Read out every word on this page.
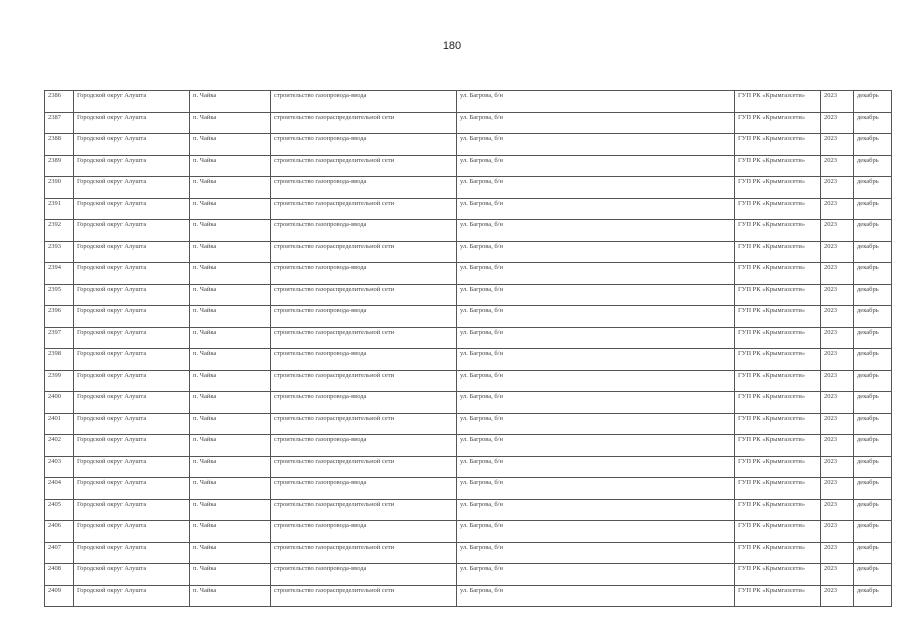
180
2386	Городской округ Алушта	п. Чайка	строительство газопровода-ввода	ул. Багрова, б/н	ГУП РК «Крымгазсети»	2023	декабрь
2387	Городской округ Алушта	п. Чайка	строительство газораспределительной сети	ул. Багрова, б/н	ГУП РК «Крымгазсети»	2023	декабрь
2388	Городской округ Алушта	п. Чайка	строительство газопровода-ввода	ул. Багрова, б/н	ГУП РК «Крымгазсети»	2023	декабрь
2389	Городской округ Алушта	п. Чайка	строительство газораспределительной сети	ул. Багрова, б/н	ГУП РК «Крымгазсети»	2023	декабрь
2390	Городской округ Алушта	п. Чайка	строительство газопровода-ввода	ул. Багрова, б/н	ГУП РК «Крымгазсети»	2023	декабрь
2391	Городской округ Алушта	п. Чайка	строительство газораспределительной сети	ул. Багрова, б/н	ГУП РК «Крымгазсети»	2023	декабрь
2392	Городской округ Алушта	п. Чайка	строительство газопровода-ввода	ул. Багрова, б/н	ГУП РК «Крымгазсети»	2023	декабрь
2393	Городской округ Алушта	п. Чайка	строительство газораспределительной сети	ул. Багрова, б/н	ГУП РК «Крымгазсети»	2023	декабрь
2394	Городской округ Алушта	п. Чайка	строительство газопровода-ввода	ул. Багрова, б/н	ГУП РК «Крымгазсети»	2023	декабрь
2395	Городской округ Алушта	п. Чайка	строительство газораспределительной сети	ул. Багрова, б/н	ГУП РК «Крымгазсети»	2023	декабрь
2396	Городской округ Алушта	п. Чайка	строительство газопровода-ввода	ул. Багрова, б/н	ГУП РК «Крымгазсети»	2023	декабрь
2397	Городской округ Алушта	п. Чайка	строительство газораспределительной сети	ул. Багрова, б/н	ГУП РК «Крымгазсети»	2023	декабрь
2398	Городской округ Алушта	п. Чайка	строительство газопровода-ввода	ул. Багрова, б/н	ГУП РК «Крымгазсети»	2023	декабрь
2399	Городской округ Алушта	п. Чайка	строительство газораспределительной сети	ул. Багрова, б/н	ГУП РК «Крымгазсети»	2023	декабрь
2400	Городской округ Алушта	п. Чайка	строительство газопровода-ввода	ул. Багрова, б/н	ГУП РК «Крымгазсети»	2023	декабрь
2401	Городской округ Алушта	п. Чайка	строительство газораспределительной сети	ул. Багрова, б/н	ГУП РК «Крымгазсети»	2023	декабрь
2402	Городской округ Алушта	п. Чайка	строительство газопровода-ввода	ул. Багрова, б/н	ГУП РК «Крымгазсети»	2023	декабрь
2403	Городской округ Алушта	п. Чайка	строительство газораспределительной сети	ул. Багрова, б/н	ГУП РК «Крымгазсети»	2023	декабрь
2404	Городской округ Алушта	п. Чайка	строительство газопровода-ввода	ул. Багрова, б/н	ГУП РК «Крымгазсети»	2023	декабрь
2405	Городской округ Алушта	п. Чайка	строительство газораспределительной сети	ул. Багрова, б/н	ГУП РК «Крымгазсети»	2023	декабрь
2406	Городской округ Алушта	п. Чайка	строительство газопровода-ввода	ул. Багрова, б/н	ГУП РК «Крымгазсети»	2023	декабрь
2407	Городской округ Алушта	п. Чайка	строительство газораспределительной сети	ул. Багрова, б/н	ГУП РК «Крымгазсети»	2023	декабрь
2408	Городской округ Алушта	п. Чайка	строительство газопровода-ввода	ул. Багрова, б/н	ГУП РК «Крымгазсети»	2023	декабрь
2409	Городской округ Алушта	п. Чайка	строительство газораспределительной сети	ул. Багрова, б/н	ГУП РК «Крымгазсети»	2023	декабрь
